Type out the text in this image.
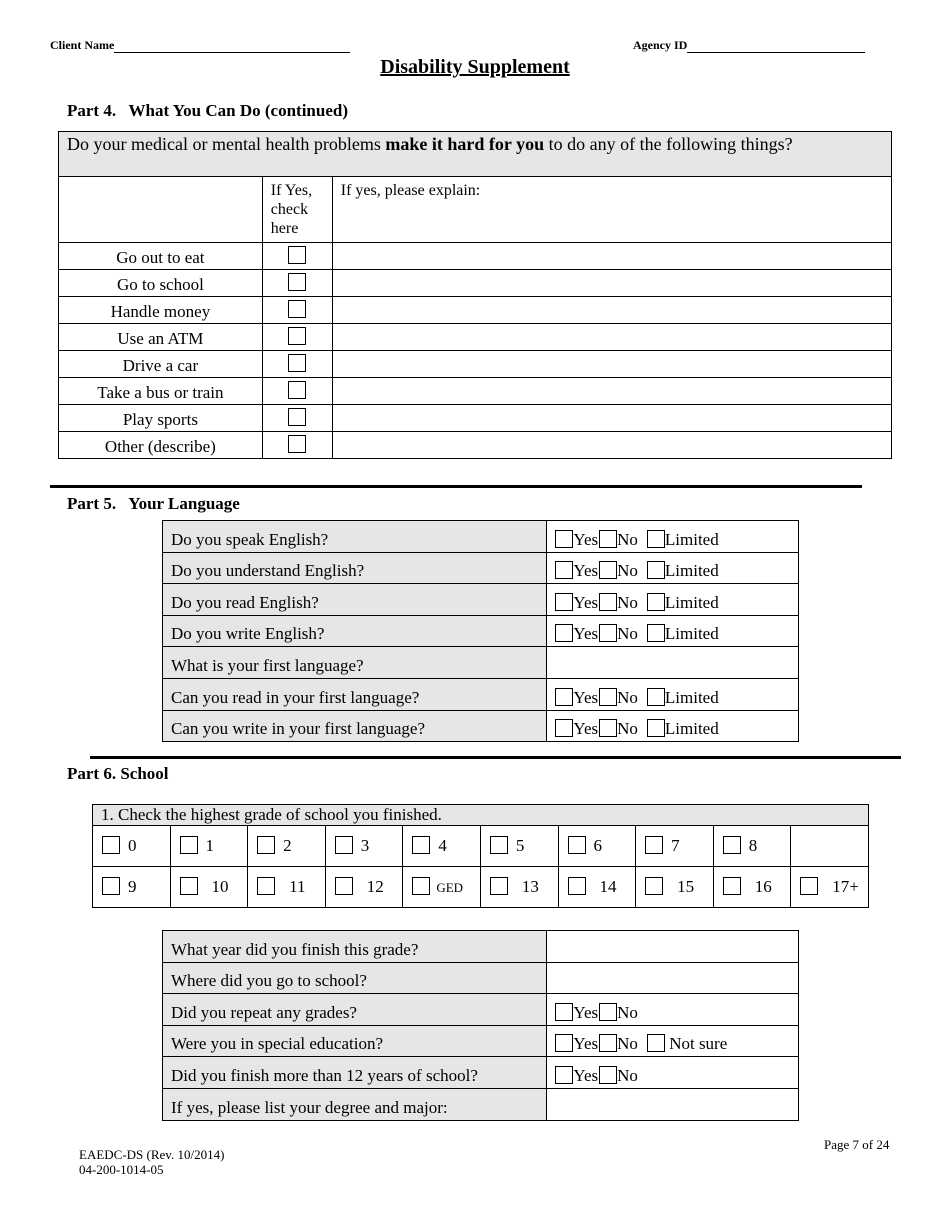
Client Name	Agency ID
Disability Supplement
Part 4.   What You Can Do (continued)
Do your medical or mental health problems make it hard for you to do any of the following things?		
	If Yes, check here	If yes, please explain:
Go out to eat		
Go to school		
Handle money		
Use an ATM		
Drive a car		
Take a bus or train		
Play sports		
Other (describe)		
Part 5.   Your Language
Do you speak English?	Yes No Limited
Do you understand English?	Yes No Limited
Do you read English?	Yes No Limited
Do you write English?	Yes No Limited
What is your first language?	
Can you read in your first language?	Yes No Limited
Can you write in your first language?	Yes No Limited
Part 6. School
1. Check the highest grade of school you finished.									
0	1	2	3	4	5	6	7	8	
9	10	11	12	GED	13	14	15	16	17+
What year did you finish this grade?	
Where did you go to school?	
Did you repeat any grades?	Yes No
Were you in special education?	Yes No Not sure
Did you finish more than 12 years of school?	Yes No
If yes, please list your degree and major:	
EAEDC-DS (Rev. 10/2014)
04-200-1014-05
Page 7 of 24
